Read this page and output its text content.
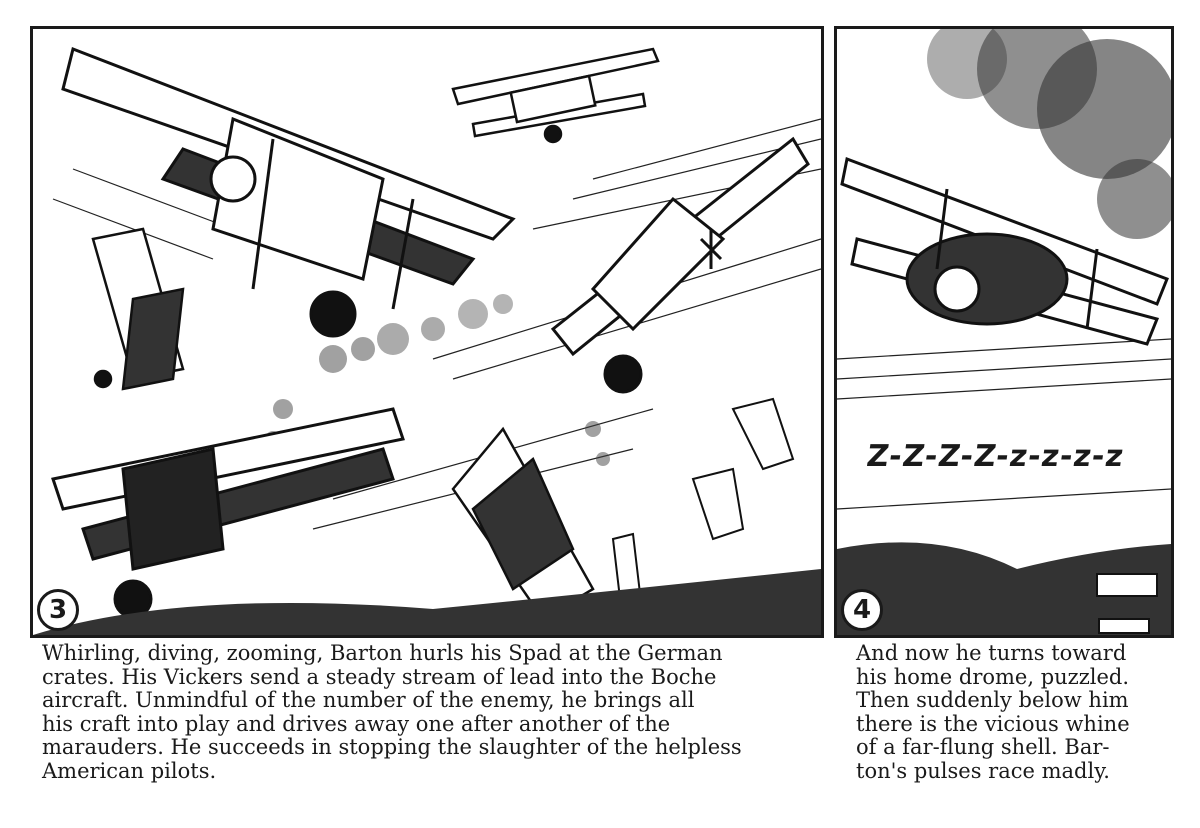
3
Z-Z-Z-Z-z-z-z-z
4
Whirling, diving, zooming, Barton hurls his Spad at the German
crates. His Vickers send a steady stream of lead into the Boche
aircraft. Unmindful of the number of the enemy, he brings all
his craft into play and drives away one after another of the
marauders. He succeeds in stopping the slaughter of the helpless
American pilots.
And now he turns toward
his home drome, puzzled.
Then suddenly below him
there is the vicious whine
of a far-flung shell. Bar-
ton's pulses race madly.
